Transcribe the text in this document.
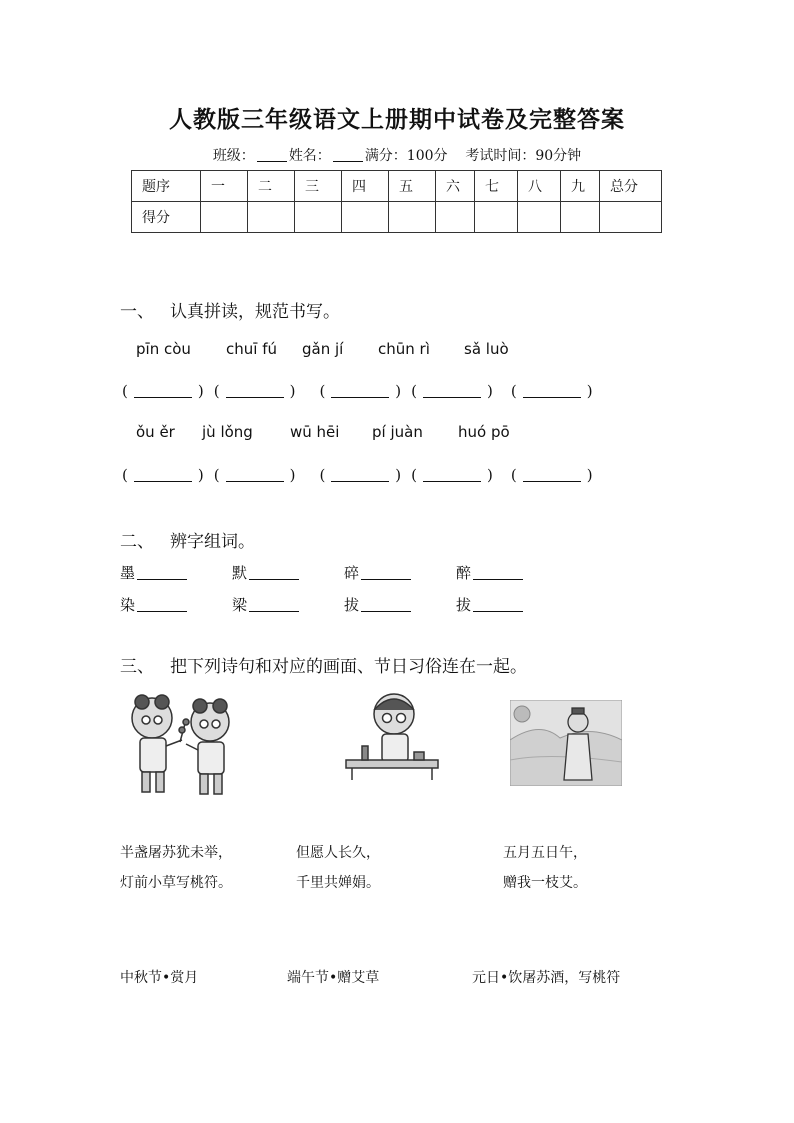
人教版三年级语文上册期中试卷及完整答案
班级： 姓名： 满分：100分 考试时间：90分钟
题序	一	二	三	四	五	六	七	八	九	总分
得分										
一、 认真拼读，规范书写。
pīn còu chuī fú gǎn jí chūn rì sǎ luò
(	) (	) (	) (	) (	)
ǒu ěr jù lǒng wū hēi pí juàn huó pō
(	) (	) (	) (	) (	)
二、 辨字组词。
墨	默	碎	醉
染	梁	拔	拔
三、 把下列诗句和对应的画面、节日习俗连在一起。
半盏屠苏犹未举，
灯前小草写桃符。
但愿人长久，
千里共婵娟。
五月五日午，
赠我一枝艾。
中秋节•赏月	端午节•赠艾草	元日•饮屠苏酒，写桃符
